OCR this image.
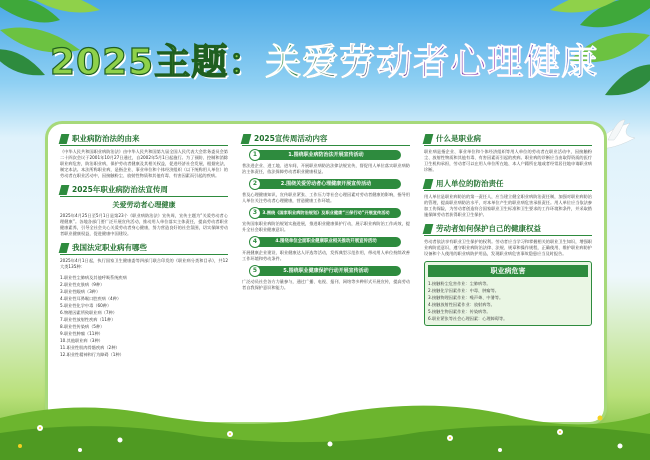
2025主题：关爱劳动者心理健康
职业病防治法的由来

《中华人民共和国职业病防治法》由中华人民共和国第九届全国人民代表大会常务委员会第二十四次会议于2001年10月27日通过，自2002年5月1日起施行。为了预防、控制和消除职业病危害，防治职业病，保护劳动者健康及其相关权益，促进经济社会发展，根据宪法，制定本法。本法所称职业病，是指企业、事业单位和个体经济组织（以下统称用人单位）的劳动者在职业活动中，因接触粉尘、放射性物质和其他有毒、有害因素而引起的疾病。

2025年职业病防治法宣传周
关爱劳动者心理健康

2025年4月25日至5月1日是第23个《职业病防治法》宣传周，宣传主题为“关爱劳动者心理健康”。各地各部门要广泛开展宣传活动，推动用人单位落实主体责任，提高劳动者职业健康素养，引导全社会关心关爱劳动者身心健康，努力营造良好的社会氛围，切实保障劳动者职业健康权益，促进健康中国建设。

我国法定职业病有哪些

2025年4月1日起，执行国家卫生健康委等四部门联合印发的《职业病分类和目录》，共12大类135种：

1.职业性尘肺病及其他呼吸系统疾病
2.职业性皮肤病（9种）
3.职业性眼病（3种）
4.职业性耳鼻喉口腔疾病（4种）
5.职业性化学中毒（60种）
6.物理因素所致职业病（7种）
7.职业性放射性疾病（11种）
8.职业性传染病（5种）
9.职业性肿瘤（11种）
10.其他职业病（3种）
11.职业性肌肉骨骼疾病（2种）
12.职业性精神和行为障碍（1种）
2025宣传周活动内容
1	1.围绕职业病防治法开展宣传活动

普法进企业、进工地、进车间，开展职业病防治法律法规宣传，督促用人单位落实职业病防治主体责任，依法保障劳动者职业健康权益。

2	2.围绕关爱劳动者心理健康开展宣传活动

普及心理健康知识，宣传职业紧张、工作压力等社会心理因素对劳动者健康的影响，指导用人单位关注劳动者心理健康，营造健康工作环境。

3	3.围绕《国家职业病防治规划》及职业健康“三保行动”开展宣传活动

宣传国家职业病防治规划实施进展，推进职业健康保护行动，展示职业病防治工作成效，提升全社会职业健康意识。

4	4.围绕单位全面职业健康职业相关推动开展宣传活动

开展健康企业建设、职业健康达人评选等活动，发挥典型示范作用，带动用人单位持续改善工作环境和劳动条件。

5	5.围绕职业健康保护行动开展宣传活动

广泛动员社会各方力量参与，通过广播、电视、报刊、网络等多种形式开展宣传，提高劳动者自我保护意识和能力。

什么是职业病

职业病是指企业、事业单位和个体经济组织等用人单位的劳动者在职业活动中，因接触粉尘、放射性物质和其他有毒、有害因素而引起的疾病。职业病的诊断应当由取得资质的医疗卫生机构承担，劳动者可以在用人单位所在地、本人户籍所在地或者经常居住地申请职业病诊断。

用人单位的防治责任

用人单位是职业病防治的第一责任人，应当建立健全职业病防治责任制，加强对职业病防治的管理，提高职业病防治水平，对本单位产生的职业病危害承担责任。用人单位应当依法参加工伤保险，为劳动者创造符合国家职业卫生标准和卫生要求的工作环境和条件，并采取措施保障劳动者获得职业卫生保护。

劳动者如何保护自己的健康权益

劳动者依法享有职业卫生保护的权利。劳动者应当学习和掌握相关的职业卫生知识，增强职业病防范意识，遵守职业病防治法律、法规、规章和操作规程，正确使用、维护职业病防护设备和个人使用的职业病防护用品，发现职业病危害事故隐患应当及时报告。

职业病危害
1.接触粉尘危害作业：尘肺病等。
2.接触化学因素作业：中毒、肿瘤等。
3.接触物理因素作业：噪声聋、中暑等。
4.接触放射性因素作业：放射病等。
5.接触生物因素作业：传染病等。
6.职业紧张等社会心理因素：心理障碍等。
